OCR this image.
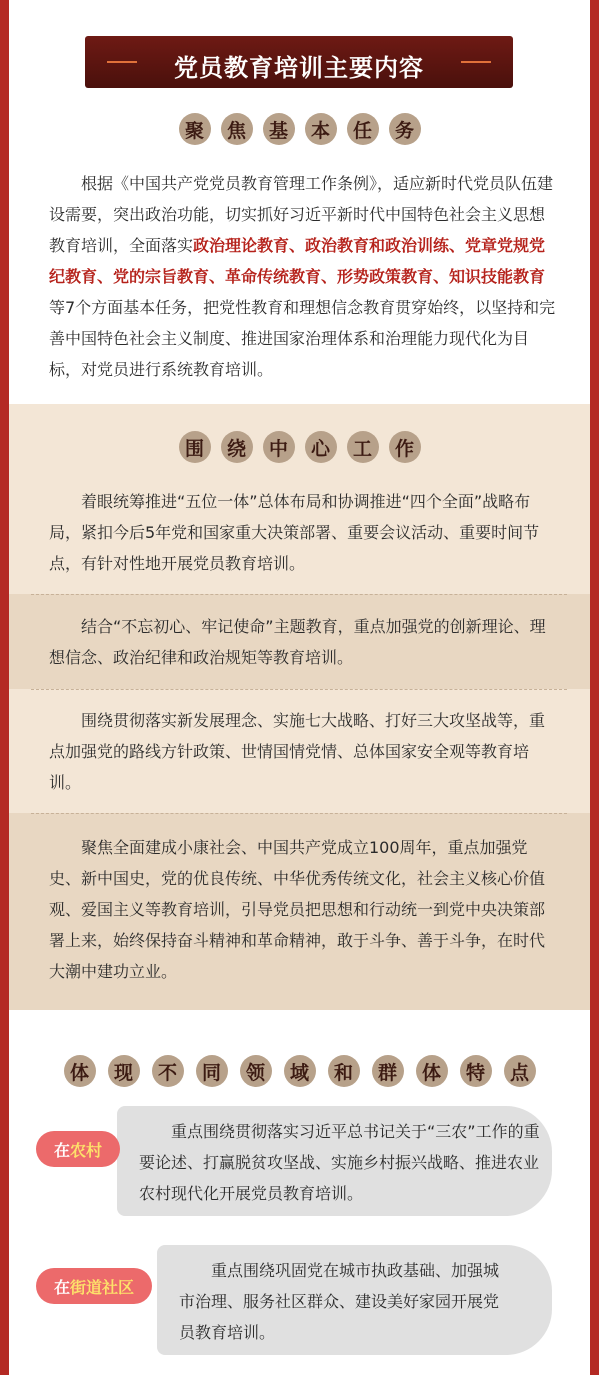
党员教育培训主要内容
聚	焦	基	本	任	务

根据《中国共产党党员教育管理工作条例》，适应新时代党员队伍建设需要，突出政治功能，切实抓好习近平新时代中国特色社会主义思想教育培训，全面落实政治理论教育、政治教育和政治训练、党章党规党纪教育、党的宗旨教育、革命传统教育、形势政策教育、知识技能教育等7个方面基本任务，把党性教育和理想信念教育贯穿始终，以坚持和完善中国特色社会主义制度、推进国家治理体系和治理能力现代化为目标，对党员进行系统教育培训。

围	绕	中	心	工	作

着眼统筹推进“五位一体”总体布局和协调推进“四个全面”战略布局，紧扣今后5年党和国家重大决策部署、重要会议活动、重要时间节点，有针对性地开展党员教育培训。

结合“不忘初心、牢记使命”主题教育，重点加强党的创新理论、理想信念、政治纪律和政治规矩等教育培训。

围绕贯彻落实新发展理念、实施七大战略、打好三大攻坚战等，重点加强党的路线方针政策、世情国情党情、总体国家安全观等教育培训。

聚焦全面建成小康社会、中国共产党成立100周年，重点加强党史、新中国史，党的优良传统、中华优秀传统文化，社会主义核心价值观、爱国主义等教育培训，引导党员把思想和行动统一到党中央决策部署上来，始终保持奋斗精神和革命精神，敢于斗争、善于斗争，在时代大潮中建功立业。

体	现	不	同	领	域	和	群	体	特	点

重点围绕贯彻落实习近平总书记关于“三农”工作的重要论述、打赢脱贫攻坚战、实施乡村振兴战略、推进农业农村现代化开展党员教育培训。

在 农村

重点围绕巩固党在城市执政基础、加强城市治理、服务社区群众、建设美好家园开展党员教育培训。

在 街道社区
